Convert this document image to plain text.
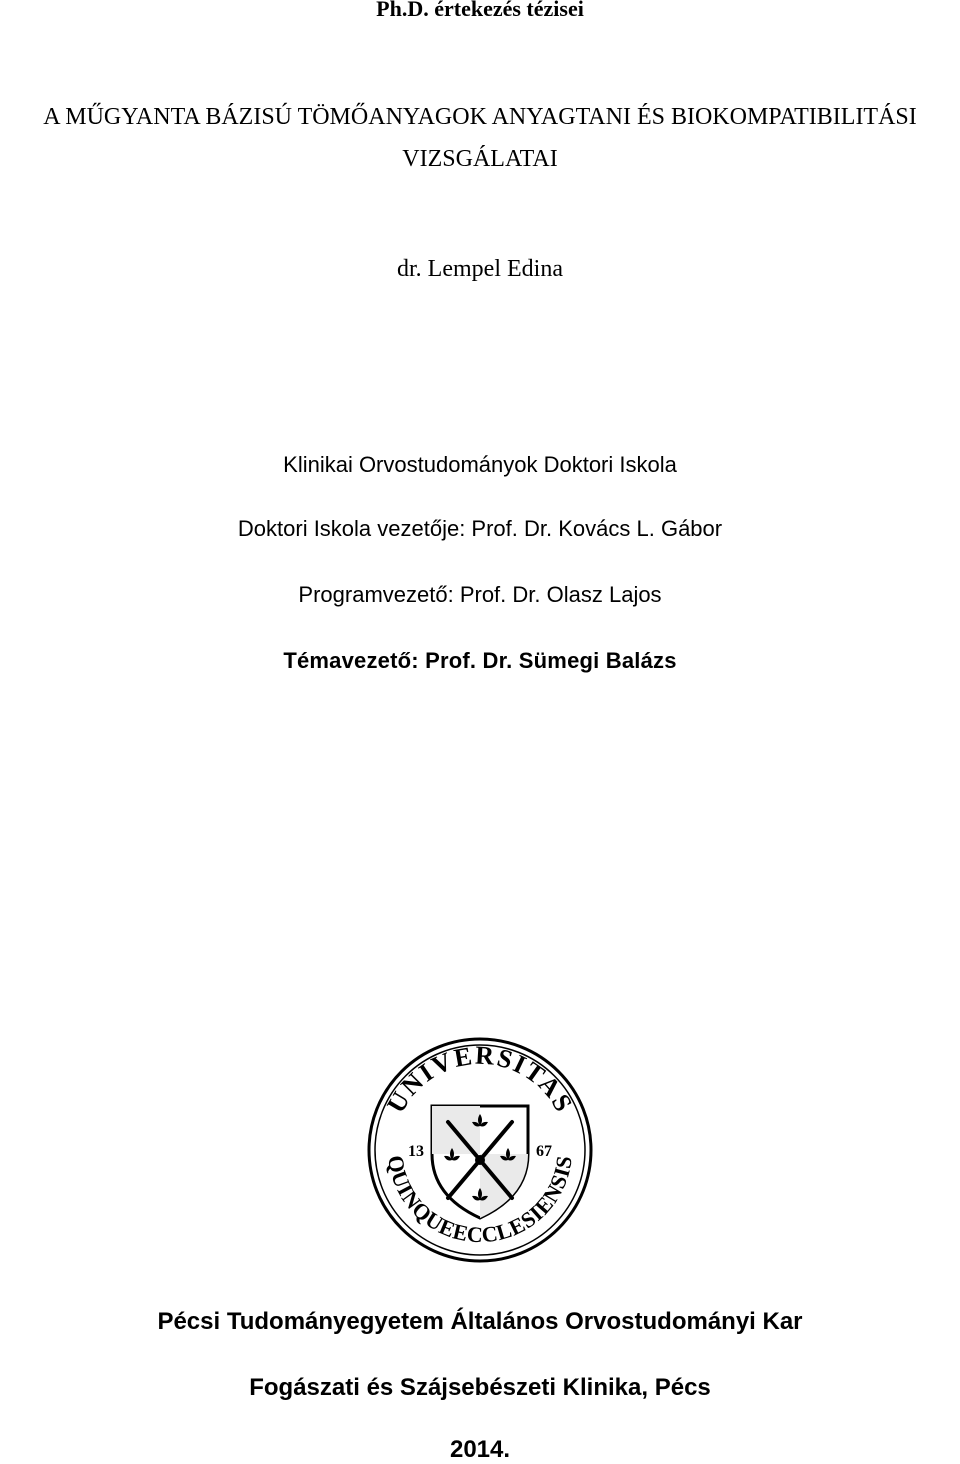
Ph.D. értekezés tézisei
A MŰGYANTA BÁZISÚ TÖMŐANYAGOK ANYAGTANI ÉS BIOKOMPATIBILITÁSI
VIZSGÁLATAI
dr. Lempel Edina
Klinikai Orvostudományok Doktori Iskola
Doktori Iskola vezetője: Prof. Dr. Kovács L. Gábor
Programvezető: Prof. Dr. Olasz Lajos
Témavezető: Prof. Dr. Sümegi Balázs
UNIVERSITAS
QUINQUEECCLESIENSIS
13	67
Pécsi Tudományegyetem Általános Orvostudományi Kar
Fogászati és Szájsebészeti Klinika, Pécs
2014.
